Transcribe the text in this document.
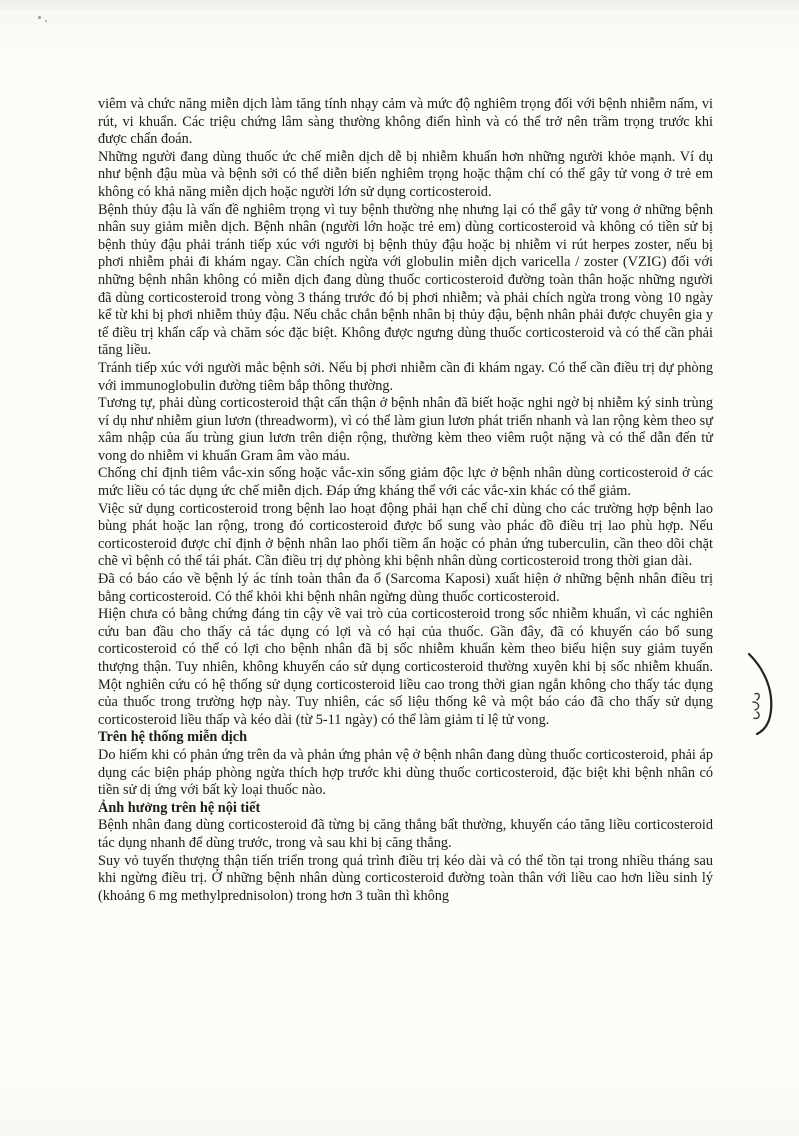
viêm và chức năng miễn dịch làm tăng tính nhạy cảm và mức độ nghiêm trọng đối với bệnh nhiễm nấm, vi rút, vi khuẩn. Các triệu chứng lâm sàng thường không điển hình và có thể trở nên trầm trọng trước khi được chẩn đoán.

Những người đang dùng thuốc ức chế miễn dịch dễ bị nhiễm khuẩn hơn những người khỏe mạnh. Ví dụ như bệnh đậu mùa và bệnh sởi có thể diễn biến nghiêm trọng hoặc thậm chí có thể gây tử vong ở trẻ em không có khả năng miễn dịch hoặc người lớn sử dụng corticosteroid.

Bệnh thủy đậu là vấn đề nghiêm trọng vì tuy bệnh thường nhẹ nhưng lại có thể gây tử vong ở những bệnh nhân suy giảm miễn dịch. Bệnh nhân (người lớn hoặc trẻ em) dùng corticosteroid và không có tiền sử bị bệnh thủy đậu phải tránh tiếp xúc với người bị bệnh thủy đậu hoặc bị nhiễm vi rút herpes zoster, nếu bị phơi nhiễm phải đi khám ngay. Cần chích ngừa với globulin miễn dịch varicella / zoster (VZIG) đối với những bệnh nhân không có miễn dịch đang dùng thuốc corticosteroid đường toàn thân hoặc những người đã dùng corticosteroid trong vòng 3 tháng trước đó bị phơi nhiễm; và phải chích ngừa trong vòng 10 ngày kể từ khi bị phơi nhiễm thủy đậu. Nếu chắc chắn bệnh nhân bị thủy đậu, bệnh nhân phải được chuyên gia y tế điều trị khẩn cấp và chăm sóc đặc biệt. Không được ngưng dùng thuốc corticosteroid và có thể cần phải tăng liều.

Tránh tiếp xúc với người mắc bệnh sởi. Nếu bị phơi nhiễm cần đi khám ngay. Có thể cần điều trị dự phòng với immunoglobulin đường tiêm bắp thông thường.

Tương tự, phải dùng corticosteroid thật cẩn thận ở bệnh nhân đã biết hoặc nghi ngờ bị nhiễm ký sinh trùng ví dụ như nhiễm giun lươn (threadworm), vì có thể làm giun lươn phát triển nhanh và lan rộng kèm theo sự xâm nhập của ấu trùng giun lươn trên diện rộng, thường kèm theo viêm ruột nặng và có thể dẫn đến tử vong do nhiễm vi khuẩn Gram âm vào máu.

Chống chỉ định tiêm vắc-xin sống hoặc vắc-xin sống giảm độc lực ở bệnh nhân dùng corticosteroid ở các mức liều có tác dụng ức chế miễn dịch. Đáp ứng kháng thể với các vắc-xin khác có thể giảm.

Việc sử dụng corticosteroid trong bệnh lao hoạt động phải hạn chế chỉ dùng cho các trường hợp bệnh lao bùng phát hoặc lan rộng, trong đó corticosteroid được bổ sung vào phác đồ điều trị lao phù hợp. Nếu corticosteroid được chỉ định ở bệnh nhân lao phổi tiềm ẩn hoặc có phản ứng tuberculin, cần theo dõi chặt chẽ vì bệnh có thể tái phát. Cần điều trị dự phòng khi bệnh nhân dùng corticosteroid trong thời gian dài.

Đã có báo cáo về bệnh lý ác tính toàn thân đa ổ (Sarcoma Kaposi) xuất hiện ở những bệnh nhân điều trị bằng corticosteroid. Có thể khỏi khi bệnh nhân ngừng dùng thuốc corticosteroid.

Hiện chưa có bằng chứng đáng tin cậy về vai trò của corticosteroid trong sốc nhiễm khuẩn, vì các nghiên cứu ban đầu cho thấy cả tác dụng có lợi và có hại của thuốc. Gần đây, đã có khuyến cáo bổ sung corticosteroid có thể có lợi cho bệnh nhân đã bị sốc nhiễm khuẩn kèm theo biểu hiện suy giảm tuyến thượng thận. Tuy nhiên, không khuyến cáo sử dụng corticosteroid thường xuyên khi bị sốc nhiễm khuẩn. Một nghiên cứu có hệ thống sử dụng corticosteroid liều cao trong thời gian ngắn không cho thấy tác dụng của thuốc trong trường hợp này. Tuy nhiên, các số liệu thống kê và một báo cáo đã cho thấy sử dụng corticosteroid liều thấp và kéo dài (từ 5-11 ngày) có thể làm giảm tỉ lệ tử vong.

Trên hệ thống miễn dịch

Do hiếm khi có phản ứng trên da và phản ứng phản vệ ở bệnh nhân đang dùng thuốc corticosteroid, phải áp dụng các biện pháp phòng ngừa thích hợp trước khi dùng thuốc corticosteroid, đặc biệt khi bệnh nhân có tiền sử dị ứng với bất kỳ loại thuốc nào.

Ảnh hưởng trên hệ nội tiết

Bệnh nhân đang dùng corticosteroid đã từng bị căng thẳng bất thường, khuyến cáo tăng liều corticosteroid tác dụng nhanh để dùng trước, trong và sau khi bị căng thẳng.

Suy vỏ tuyến thượng thận tiến triển trong quá trình điều trị kéo dài và có thể tồn tại trong nhiều tháng sau khi ngừng điều trị. Ở những bệnh nhân dùng corticosteroid đường toàn thân với liều cao hơn liều sinh lý (khoảng 6 mg methylprednisolon) trong hơn 3 tuần thì không
